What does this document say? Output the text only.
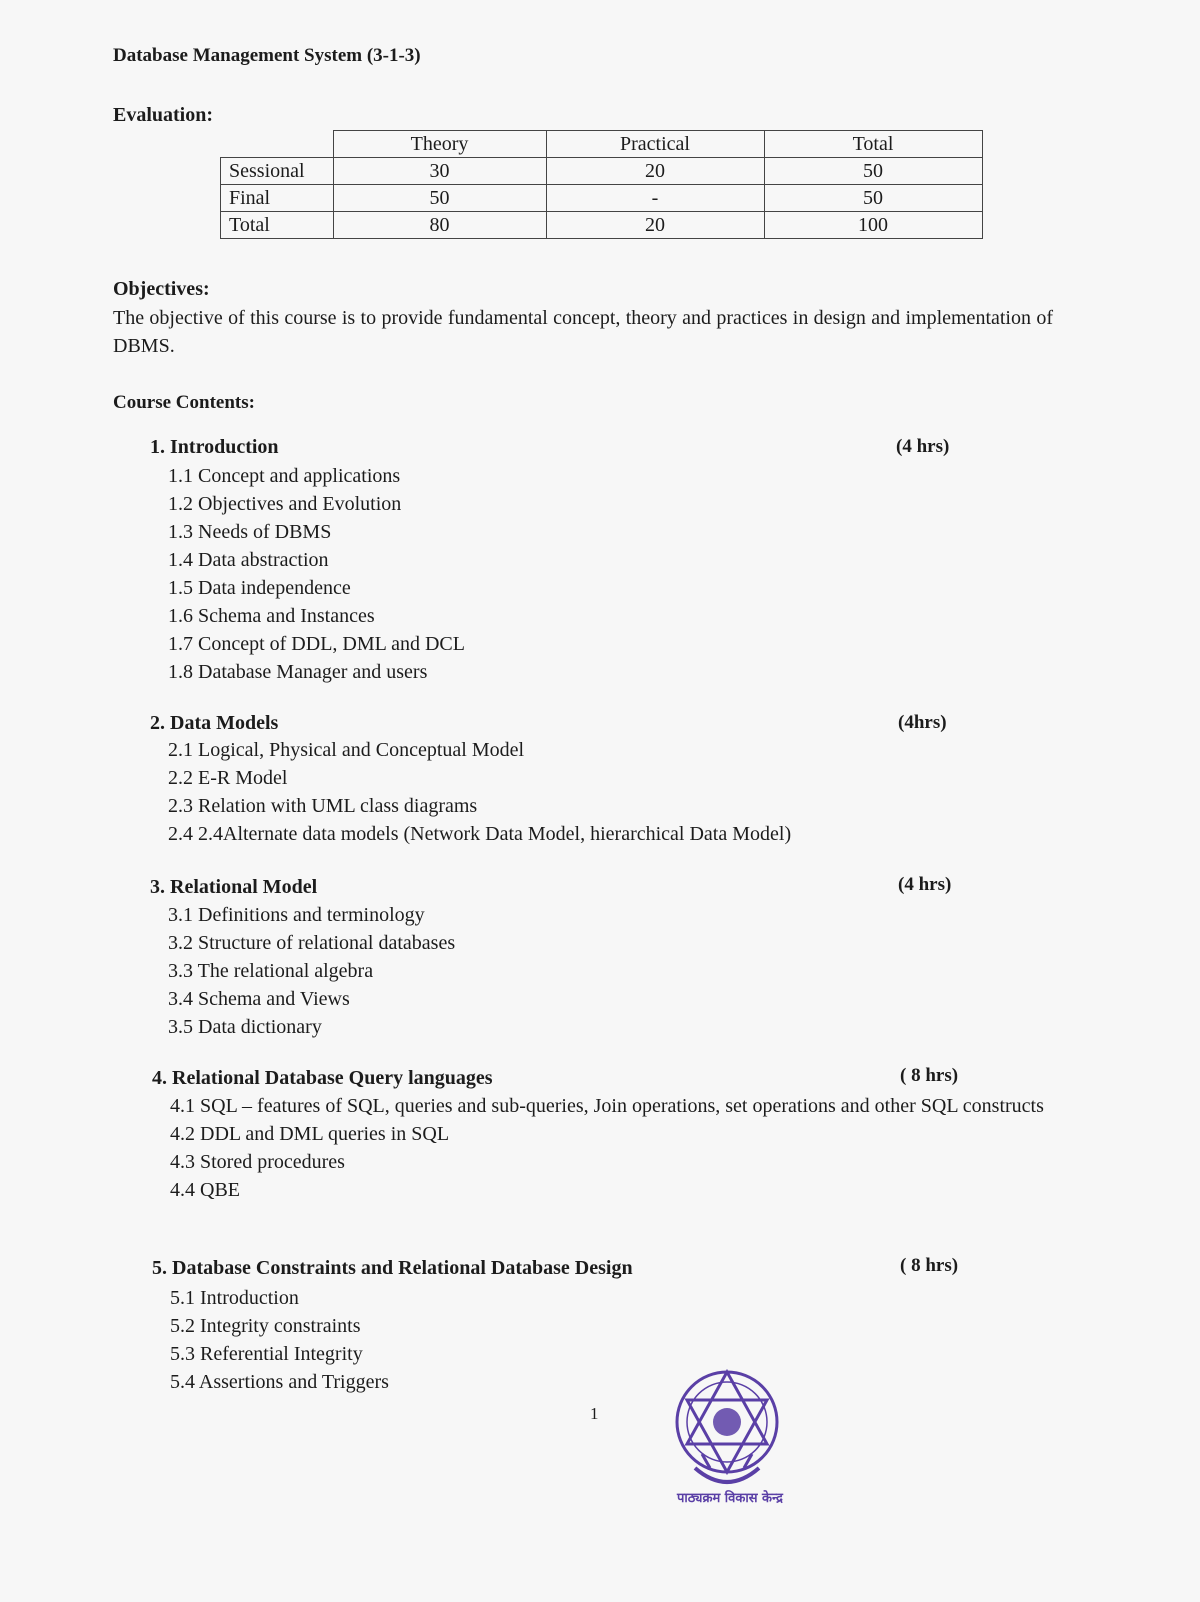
Database Management System (3-1-3)
Evaluation:
	Theory	Practical	Total
Sessional	30	20	50
Final	50	-	50
Total	80	20	100
Objectives:
The objective of this course is to provide fundamental concept, theory and practices in design and implementation of DBMS.
Course Contents:
1. Introduction	(4 hrs)
1.1 Concept and applications
1.2 Objectives and Evolution
1.3 Needs of DBMS
1.4 Data abstraction
1.5 Data independence
1.6 Schema and Instances
1.7 Concept of DDL, DML and DCL
1.8 Database Manager and users
2. Data Models	(4hrs)
2.1 Logical, Physical and Conceptual Model
2.2 E-R Model
2.3 Relation with UML class diagrams
2.4 2.4Alternate data models (Network Data Model, hierarchical Data Model)
3. Relational Model	(4 hrs)
3.1 Definitions and terminology
3.2 Structure of relational databases
3.3 The relational algebra
3.4 Schema and Views
3.5 Data dictionary
4. Relational Database Query languages	( 8 hrs)
4.1 SQL – features of SQL, queries and sub-queries, Join operations, set operations and other SQL constructs
4.2 DDL and DML queries in SQL
4.3 Stored procedures
4.4 QBE
5. Database Constraints and Relational Database Design	( 8 hrs)
5.1 Introduction
5.2 Integrity constraints
5.3 Referential Integrity
5.4 Assertions and Triggers
1
पाठ्यक्रम विकास केन्द्र
